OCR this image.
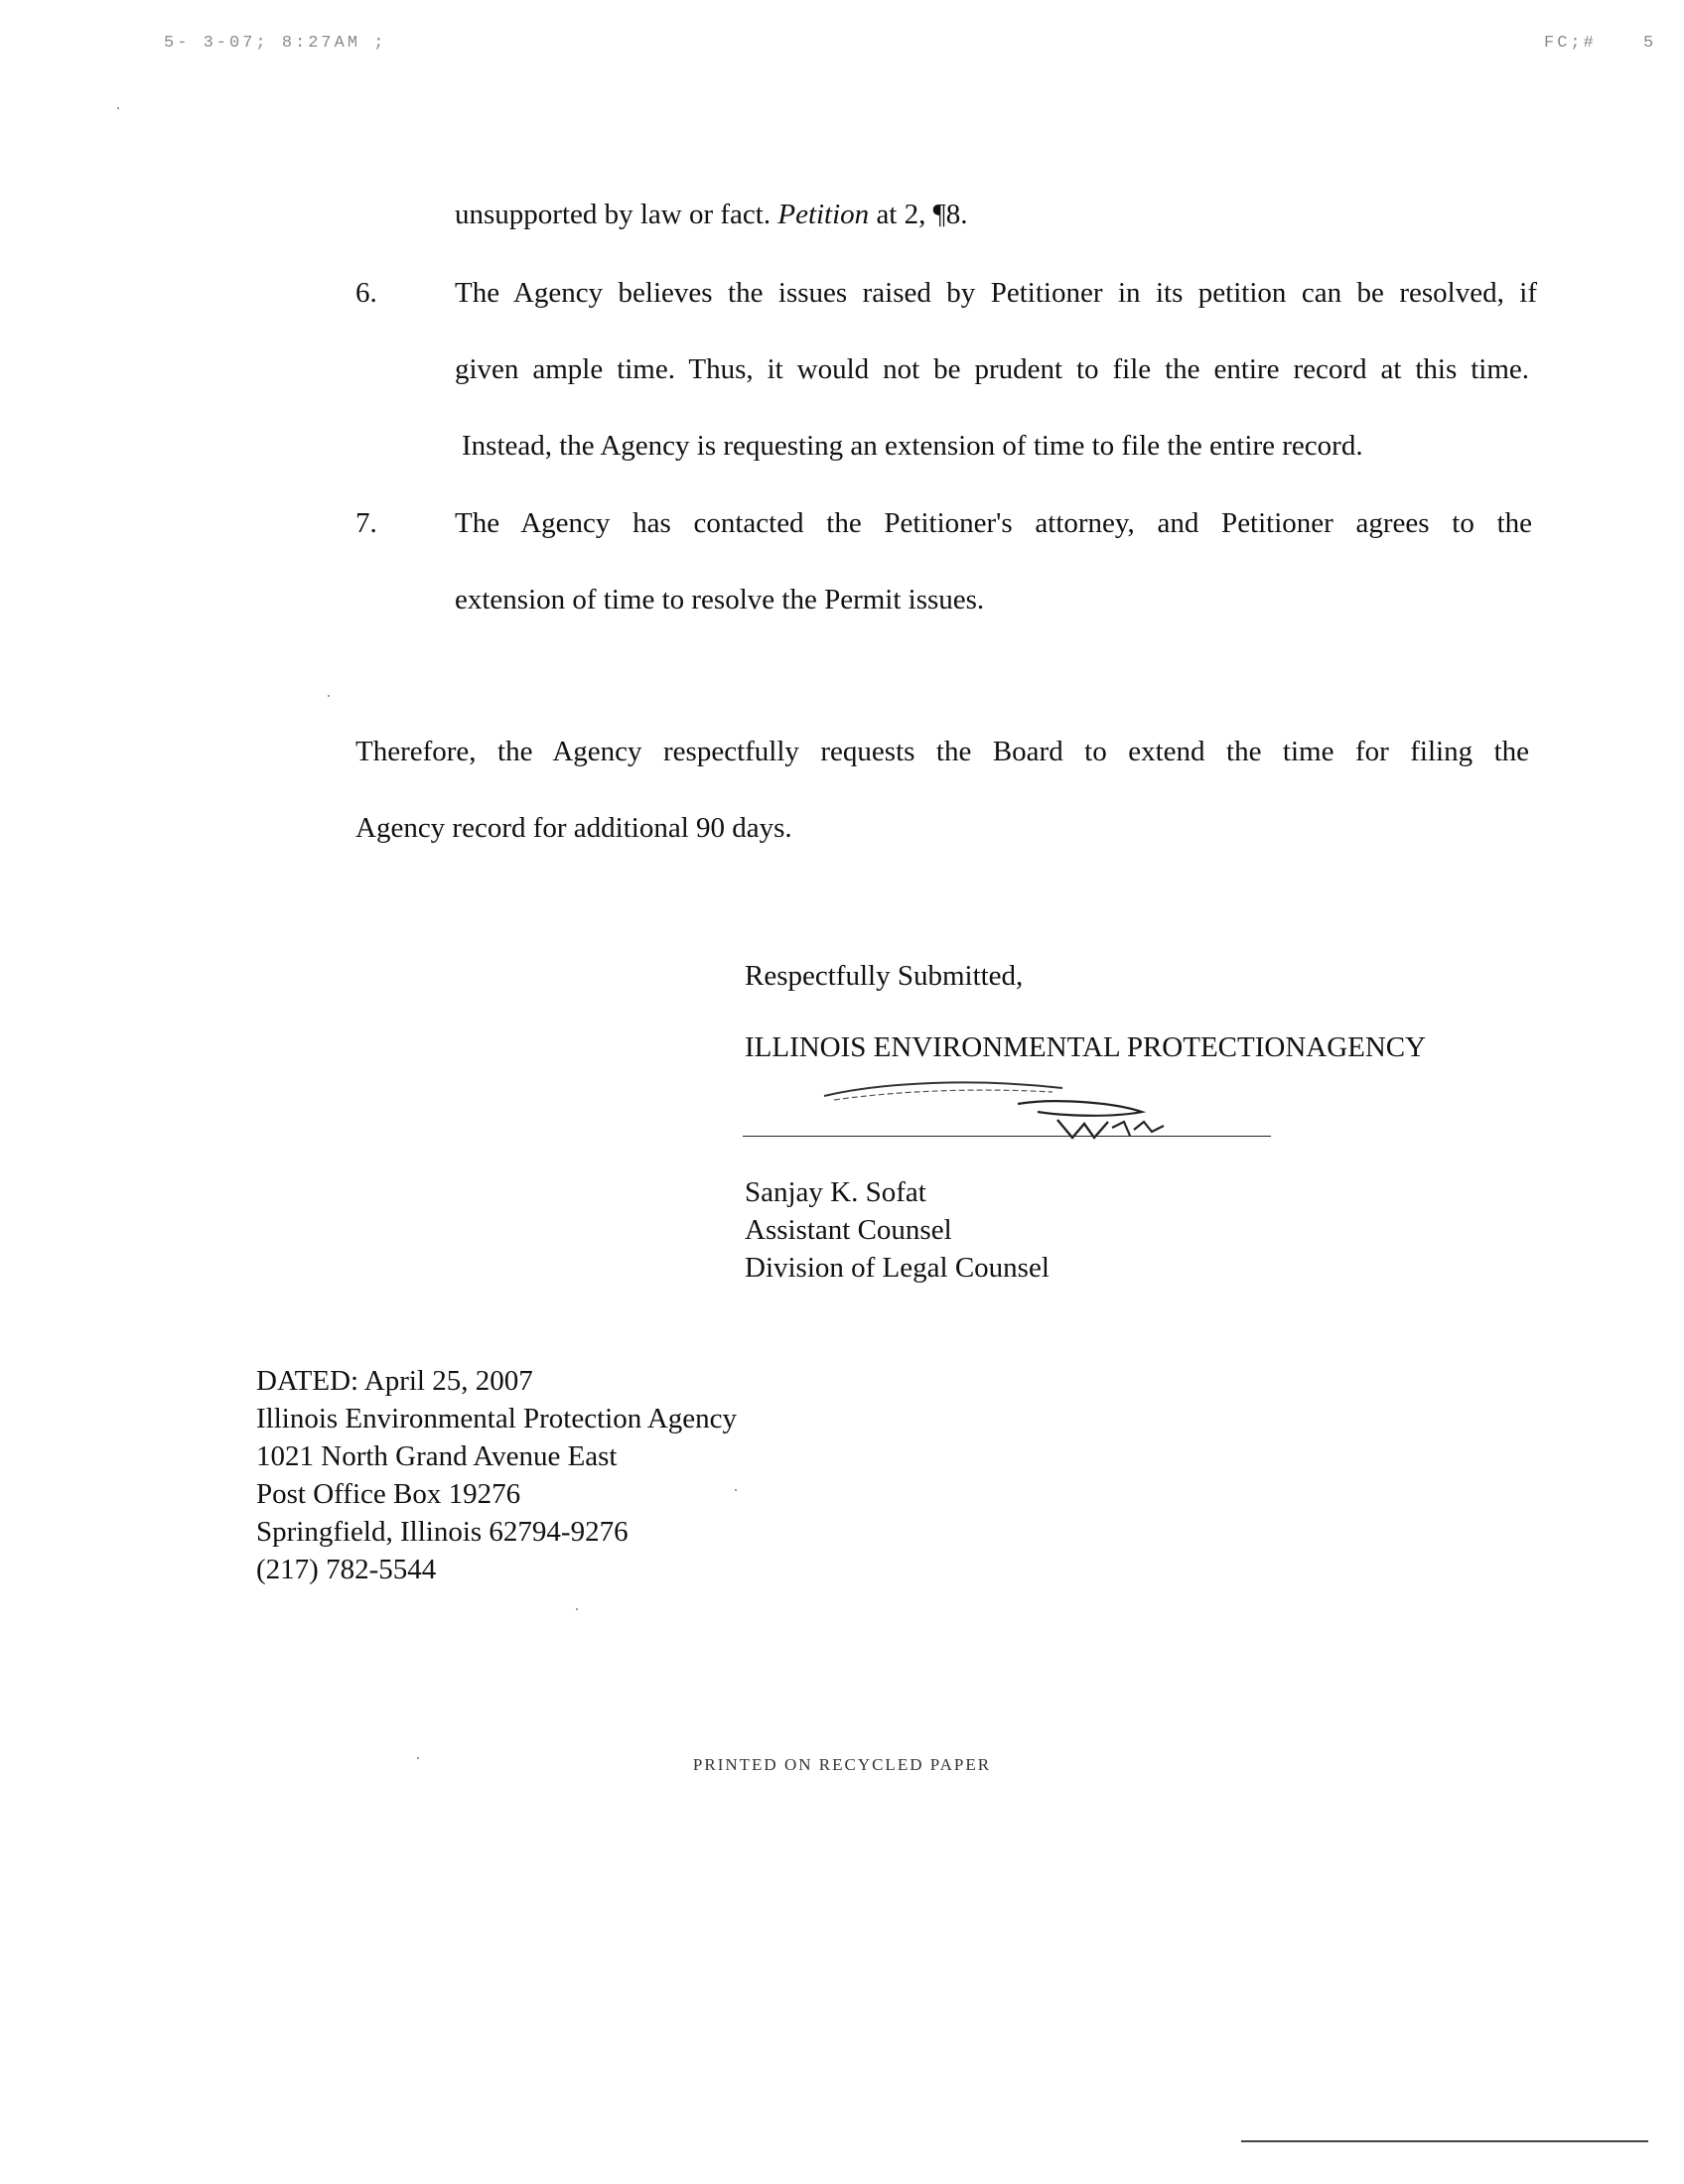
5- 3-07; 8:27AM ;	FC;#	5
unsupported by law or fact. Petition at 2, ¶8.
6.	The Agency believes the issues raised by Petitioner in its petition can be resolved, if
given ample time. Thus, it would not be prudent to file the entire record at this time.
Instead, the Agency is requesting an extension of time to file the entire record.
7.	The Agency has contacted the Petitioner's attorney, and Petitioner agrees to the
extension of time to resolve the Permit issues.
Therefore, the Agency respectfully requests the Board to extend the time for filing the
Agency record for additional 90 days.
Respectfully Submitted,
ILLINOIS ENVIRONMENTAL PROTECTIONAGENCY
Sanjay K. Sofat
Assistant Counsel
Division of Legal Counsel
DATED: April 25, 2007
Illinois Environmental Protection Agency
1021 North Grand Avenue East
Post Office Box 19276
Springfield, Illinois 62794-9276
(217) 782-5544
PRINTED ON RECYCLED PAPER
